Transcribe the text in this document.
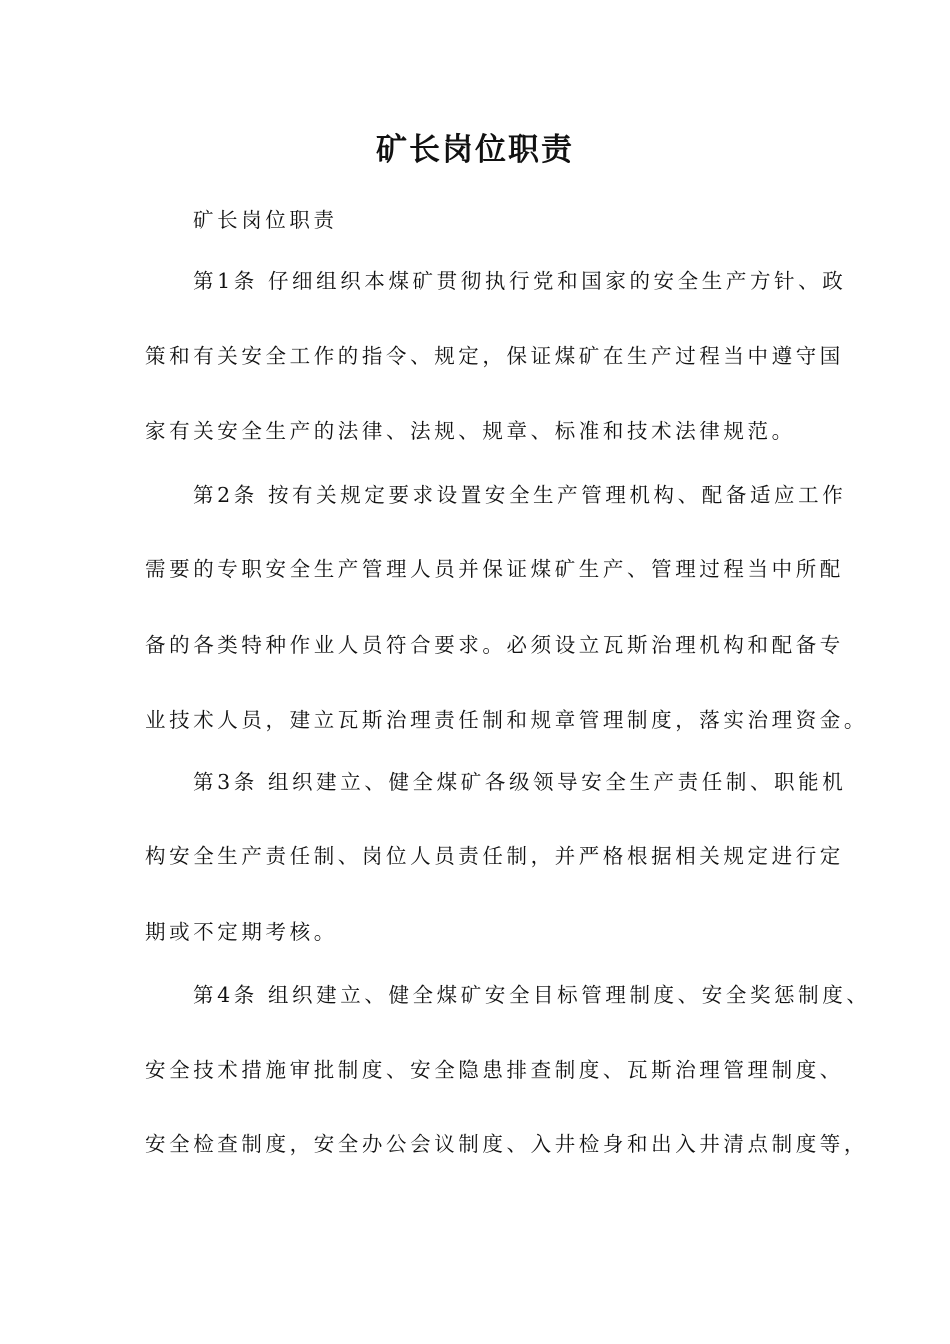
矿长岗位职责
矿长岗位职责
第1条 仔细组织本煤矿贯彻执行党和国家的安全生产方针、政
策和有关安全工作的指令、规定，保证煤矿在生产过程当中遵守国
家有关安全生产的法律、法规、规章、标准和技术法律规范。
第2条 按有关规定要求设置安全生产管理机构、配备适应工作
需要的专职安全生产管理人员并保证煤矿生产、管理过程当中所配
备的各类特种作业人员符合要求。必须设立瓦斯治理机构和配备专
业技术人员，建立瓦斯治理责任制和规章管理制度，落实治理资金。
第3条 组织建立、健全煤矿各级领导安全生产责任制、职能机
构安全生产责任制、岗位人员责任制，并严格根据相关规定进行定
期或不定期考核。
第4条 组织建立、健全煤矿安全目标管理制度、安全奖惩制度、
安全技术措施审批制度、安全隐患排查制度、瓦斯治理管理制度、
安全检查制度，安全办公会议制度、入井检身和出入井清点制度等，
